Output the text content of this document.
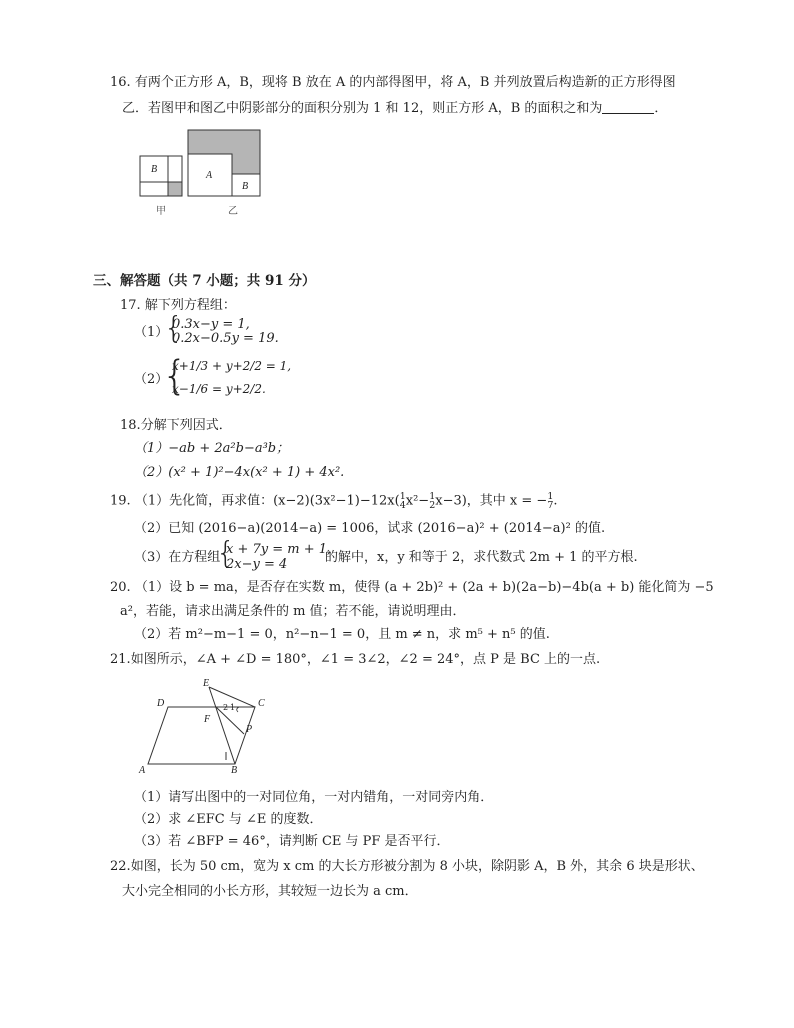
16. 有两个正方形 A，B，现将 B 放在 A 的内部得图甲，将 A，B 并列放置后构造新的正方形得图
乙．若图甲和图乙中阴影部分的面积分别为 1 和 12，则正方形 A，B 的面积之和为	．
B
甲
A
B
乙
三、解答题（共 7 小题；共 91 分）
17. 解下列方程组：
（1）
{
0.3x−y = 1,
0.2x−0.5y = 19.
（2）
{
x+1/3 + y+2/2 = 1,
x−1/6 = y+2/2.
18.分解下列因式．
（1）−ab + 2a²b−a³b；
（2）(x² + 1)²−4x(x² + 1) + 4x².
19. （1）先化简，再求值：(x−2)(3x²−1)−12x(1
4x²−1
2x−3)，其中 x = −1
7.
（2）已知 (2016−a)(2014−a) = 1006，试求 (2016−a)² + (2014−a)² 的值.
（3）在方程组
{
x + 7y = m + 1,
2x−y = 4	的解中，x，y 和等于 2，求代数式 2m + 1 的平方根.
20. （1）设 b = ma，是否存在实数 m，使得 (a + 2b)² + (2a + b)(2a−b)−4b(a + b) 能化简为 −5
a²，若能，请求出满足条件的 m 值；若不能，请说明理由．
（2）若 m²−m−1 = 0，n²−n−1 = 0，且 m ≠ n，求 m⁵ + n⁵ 的值.
21.如图所示，∠A + ∠D = 180°，∠1 = 3∠2，∠2 = 24°，点 P 是 BC 上的一点.
E
D	C
F
P
A	B
2 1
（1）请写出图中的一对同位角，一对内错角，一对同旁内角．
（2）求 ∠EFC 与 ∠E 的度数．
（3）若 ∠BFP = 46°，请判断 CE 与 PF 是否平行．
22.如图，长为 50 cm，宽为 x cm 的大长方形被分割为 8 小块，除阴影 A，B 外，其余 6 块是形状、
大小完全相同的小长方形，其较短一边长为 a cm．
